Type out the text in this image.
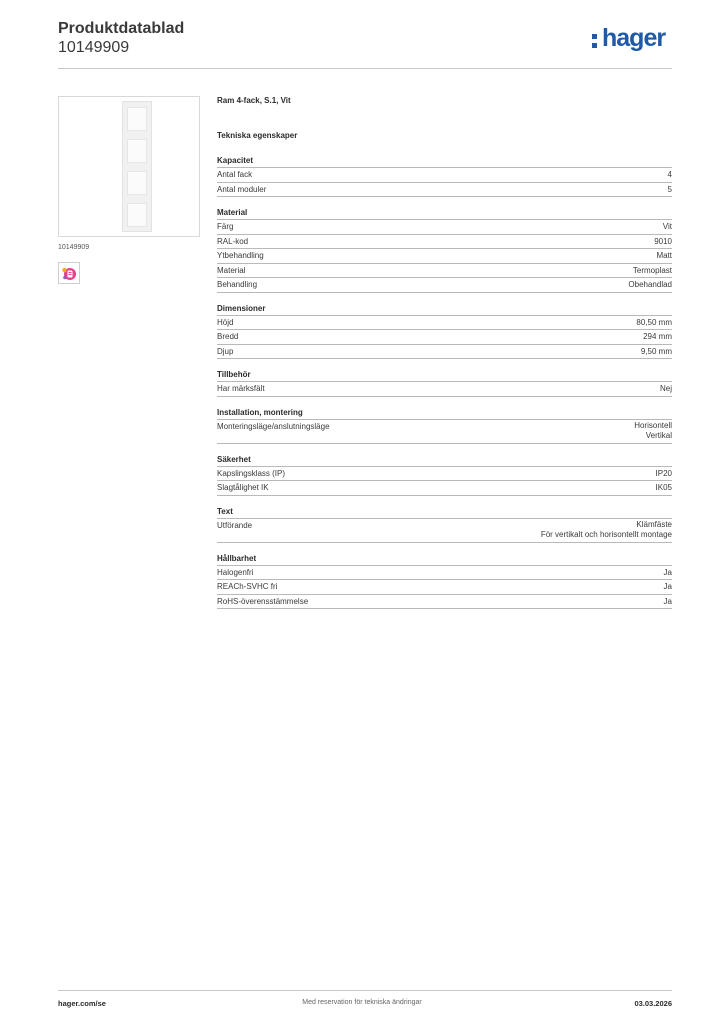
Produktdatablad
10149909	hager
10149909
Ram 4-fack, S.1, Vit
Tekniska egenskaper
Kapacitet
Antal fack	4
Antal moduler	5
Material
Färg	Vit
RAL-kod	9010
Ytbehandling	Matt
Material	Termoplast
Behandling	Obehandlad
Dimensioner
Höjd	80,50 mm
Bredd	294 mm
Djup	9,50 mm
Tillbehör
Har märksfält	Nej
Installation, montering
Monteringsläge/anslutningsläge	Horisontell
Vertikal
Säkerhet
Kapslingsklass (IP)	IP20
Slagtålighet IK	IK05
Text
Utförande	Klämfäste
För vertikalt och horisontellt montage
Hållbarhet
Halogenfri	Ja
REACh-SVHC fri	Ja
RoHS-överensstämmelse	Ja
hager.com/se	Med reservation för tekniska ändringar	03.03.2026
